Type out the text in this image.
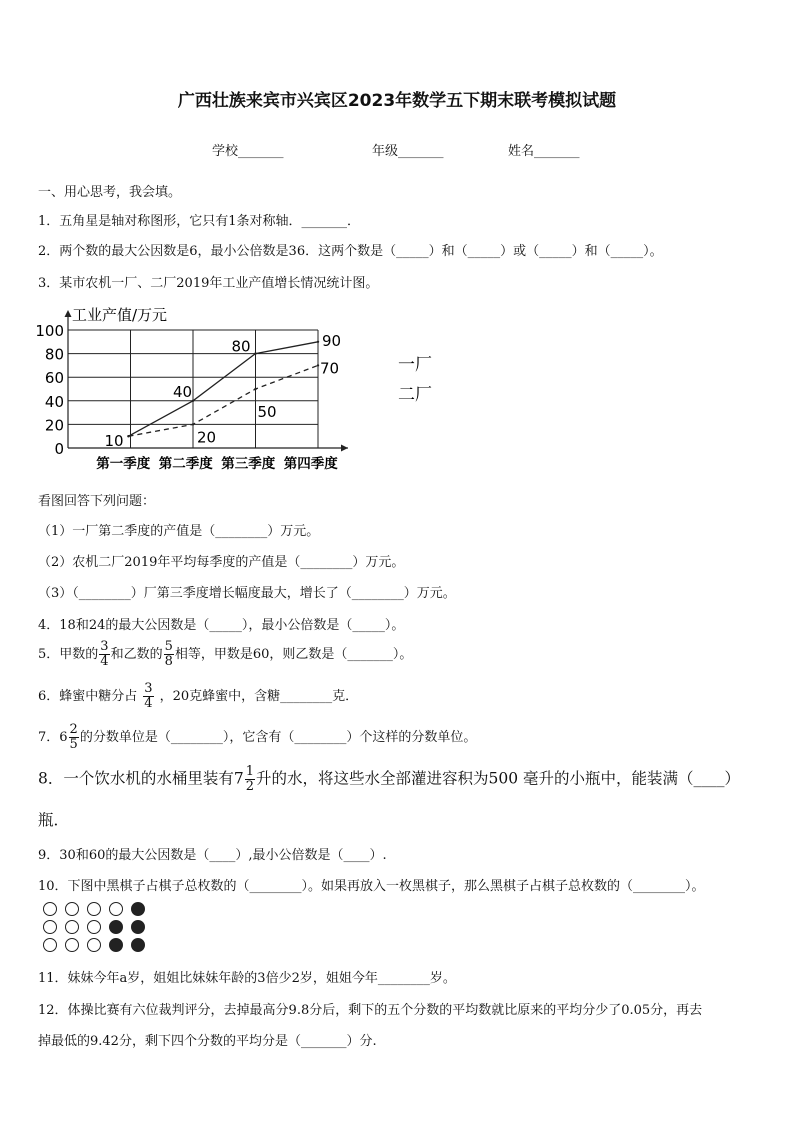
广西壮族来宾市兴宾区2023年数学五下期末联考模拟试题
学校_______	年级_______	姓名_______
一、用心思考，我会填。
1．五角星是轴对称图形，它只有1条对称轴．_______．
2．两个数的最大公因数是6，最小公倍数是36．这两个数是（_____）和（_____）或（_____）和（_____）。
3．某市农机一厂、二厂2019年工业产值增长情况统计图。
0
20
40
60
80
100
第一季度 第二季度 第三季度 第四季度
10
40
80	90
20
50
70	一厂
二厂
工业产值/万元
看图回答下列问题：
（1）一厂第二季度的产值是（________）万元。
（2）农机二厂2019年平均每季度的产值是（________）万元。
（3）（________）厂第三季度增长幅度最大，增长了（________）万元。
4．18和24的最大公因数是（_____），最小公倍数是（_____）。
5．甲数的 $\frac{3}{4}$ 和乙数的 $\frac{5}{8}$ 相等，甲数是60，则乙数是（_______）。
6．蜂蜜中糖分占 $\frac{3}{4}$ ，20克蜂蜜中，含糖________克．
7．$6 \frac{2}{5}$ 的分数单位是（________），它含有（________）个这样的分数单位。
8．一个饮水机的水桶里装有$7 \frac{1}{2}$ 升的水，将这些水全部灌进容积为500 毫升的小瓶中，能装满（____）
瓶．
9．30和60的最大公因数是（____）,最小公倍数是（____）.
10．下图中黑棋子占棋子总枚数的（________）。如果再放入一枚黑棋子，那么黑棋子占棋子总枚数的（________）。
11．妹妹今年a岁，姐姐比妹妹年龄的3倍少2岁，姐姐今年________岁。
12．体操比赛有六位裁判评分，去掉最高分9.8分后，剩下的五个分数的平均数就比原来的平均分少了0.05分，再去
掉最低的9.42分，剩下四个分数的平均分是（_______）分.
